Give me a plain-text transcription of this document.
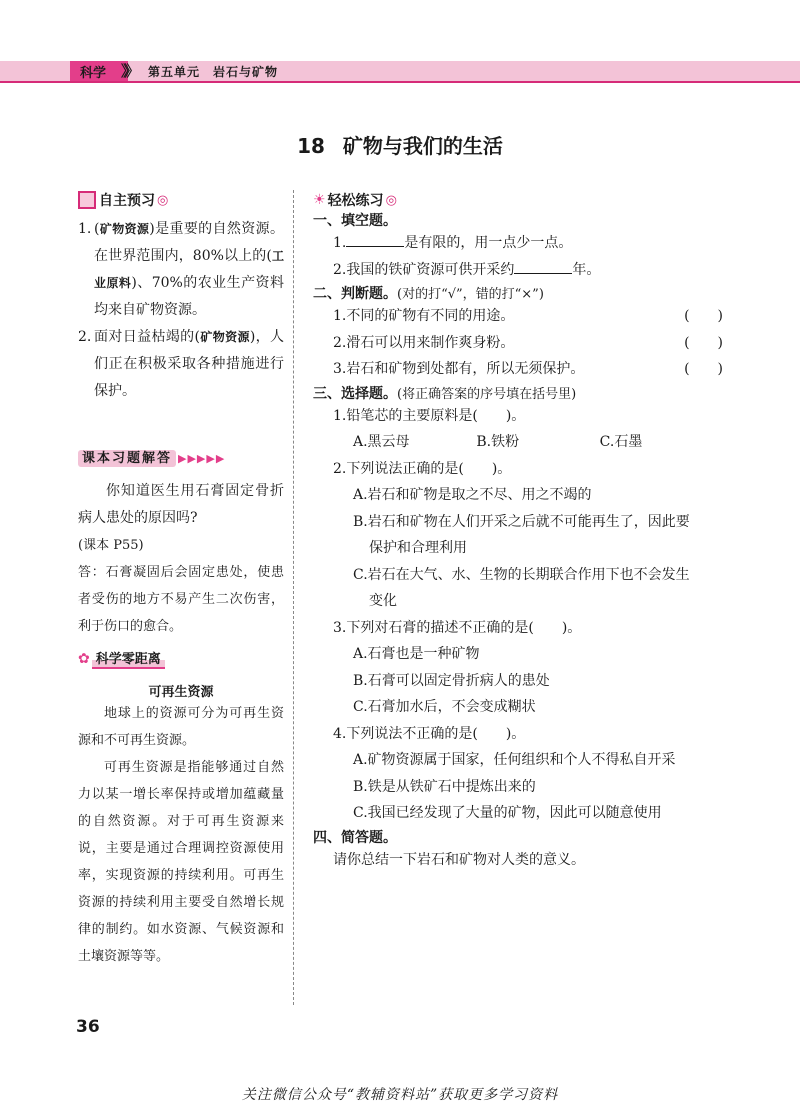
科学 》》 第五单元　岩石与矿物
18 矿物与我们的生活
自主预习 ◎
1. (矿物资源)是重要的自然资源。在世界范围内，80%以上的(工业原料)、70%的农业生产资料均来自矿物资源。
2. 面对日益枯竭的(矿物资源)，人们正在积极采取各种措施进行保护。
课本习题解答 ▶▶▶▶▶
你知道医生用石膏固定骨折病人患处的原因吗?
(课本 P55)
答：石膏凝固后会固定患处，使患者受伤的地方不易产生二次伤害，利于伤口的愈合。
✿ 科学零距离
可再生资源
地球上的资源可分为可再生资源和不可再生资源。
可再生资源是指能够通过自然力以某一增长率保持或增加蕴藏量的自然资源。对于可再生资源来说，主要是通过合理调控资源使用率，实现资源的持续利用。可再生资源的持续利用主要受自然增长规律的制约。如水资源、气候资源和土壤资源等等。
☀ 轻松练习 ◎
一、填空题。
1.	是有限的，用一点少一点。
2.我国的铁矿资源可供开采约	年。
二、判断题。(对的打“√”，错的打“×”)
1.不同的矿物有不同的用途。	()
2.滑石可以用来制作爽身粉。	()
3.岩石和矿物到处都有，所以无须保护。	()
三、选择题。(将正确答案的序号填在括号里)
1.铅笔芯的主要原料是(　　)。
A.黑云母	B.铁粉	C.石墨
2.下列说法正确的是(　　)。
A.岩石和矿物是取之不尽、用之不竭的
B.岩石和矿物在人们开采之后就不可能再生了，因此要
保护和合理利用
C.岩石在大气、水、生物的长期联合作用下也不会发生
变化
3.下列对石膏的描述不正确的是(　　)。
A.石膏也是一种矿物
B.石膏可以固定骨折病人的患处
C.石膏加水后，不会变成糊状
4.下列说法不正确的是(　　)。
A.矿物资源属于国家，任何组织和个人不得私自开采
B.铁是从铁矿石中提炼出来的
C.我国已经发现了大量的矿物，因此可以随意使用
四、简答题。
请你总结一下岩石和矿物对人类的意义。
36
关注微信公众号“教辅资料站”获取更多学习资料
